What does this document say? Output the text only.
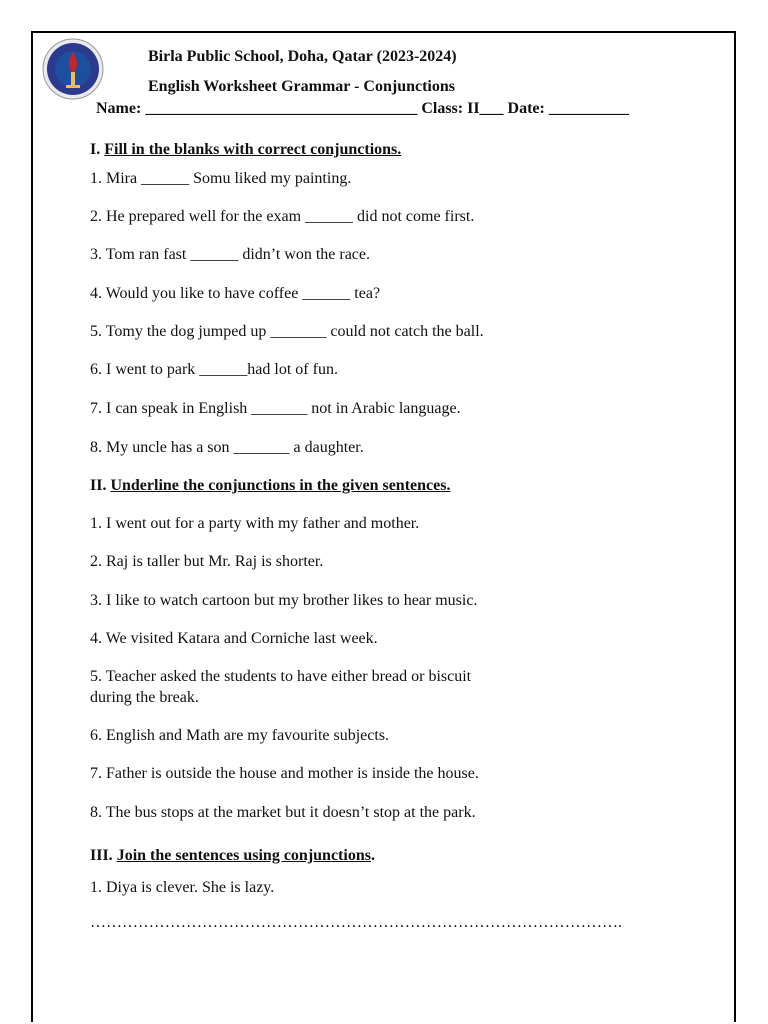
Birla Public School, Doha, Qatar (2023-2024)
English Worksheet Grammar - Conjunctions
Name: __________________________________ Class: II___ Date: __________
I. Fill in the blanks with correct conjunctions.
1. Mira ______ Somu liked my painting.
2. He prepared well for the exam ______ did not come first.
3. Tom ran fast ______ didn’t won the race.
4. Would you like to have coffee ______ tea?
5. Tomy the dog jumped up _______ could not catch the ball.
6. I went to park ______had lot of fun.
7. I can speak in English _______ not in Arabic language.
8. My uncle has a son _______ a daughter.
II. Underline the conjunctions in the given sentences.
1. I went out for a party with my father and mother.
2. Raj is taller but Mr. Raj is shorter.
3. I like to watch cartoon but my brother likes to hear music.
4. We visited Katara and Corniche last week.
5. Teacher asked the students to have either bread or biscuit
during the break.
6. English and Math are my favourite subjects.
7. Father is outside the house and mother is inside the house.
8. The bus stops at the market but it doesn’t stop at the park.
III. Join the sentences using conjunctions.
1. Diya is clever. She is lazy.
……………………………………………………………………………………….
